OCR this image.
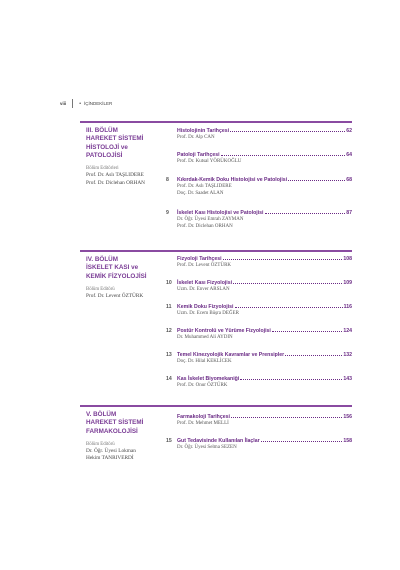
viii	• İÇİNDEKİLER
III. BÖLÜM
HAREKET SİSTEMİ
HİSTOLOJİ ve
PATOLOJİSİ
Bölüm Editörleri
Prof. Dr. Aslı TAŞLIDERE
Prof. Dr. Diclehan ORHAN
Histolojinin Tarihçesi	62
Prof. Dr. Alp CAN
Patoloji Tarihçesi	64
Prof. Dr. Kutsal YÖRÜKOĞLU
8	Kıkırdak-Kemik Doku Histolojisi ve Patolojisi	68
Prof. Dr. Aslı TAŞLIDERE
Doç. Dr. Saadet ALAN
9	İskelet Kası Histolojisi ve Patolojisi	87
Dr. Öğr. Üyesi Emrah ZAYMAN
Prof. Dr. Diclehan ORHAN
IV. BÖLÜM
İSKELET KASI ve
KEMİK FİZYOLOJİSİ
Bölüm Editörü
Prof. Dr. Levent ÖZTÜRK
Fizyoloji Tarihçesi	108
Prof. Dr. Levent ÖZTÜRK
10	İskelet Kası Fizyolojisi	109
Uzm. Dr. Enver ARSLAN
11	Kemik Doku Fizyolojisi	116
Uzm. Dr. Ecem Büşra DEĞER
12	Postür Kontrolü ve Yürüme Fizyolojisi	124
Dr. Muhammed Ali AYDIN
13	Temel Kinezyolojik Kavramlar ve Prensipler	132
Doç. Dr. Hilal KEKLİCEK
14	Kas İskelet Biyomekaniği	143
Prof. Dr. Onur ÖZTÜRK
V. BÖLÜM
HAREKET SİSTEMİ
FARMAKOLOJİSİ
Bölüm Editörü
Dr. Öğr. Üyesi Lokman
Hekim TANRIVERDİ
Farmakoloji Tarihçesi	156
Prof. Dr. Mehmet MELLİ
15	Gut Tedavisinde Kullanılan İlaçlar	158
Dr. Öğr. Üyesi Selma SEZEN
